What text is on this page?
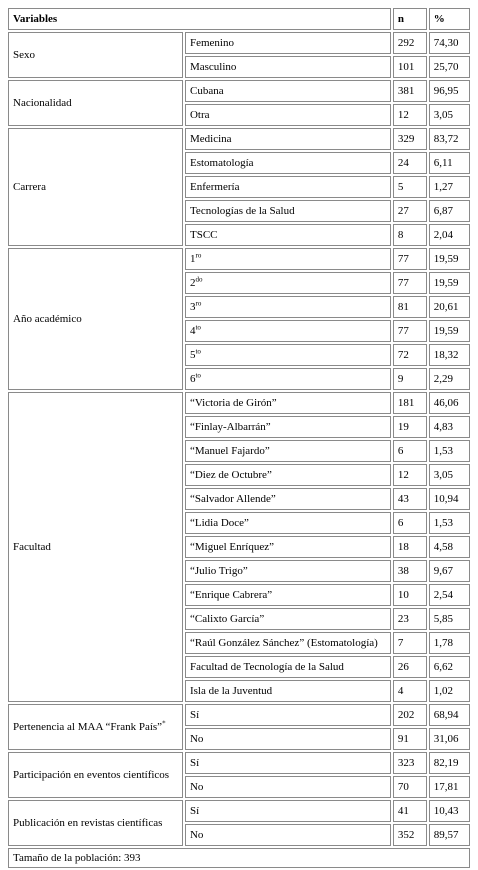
Variables		n	%
Sexo	Femenino	292	74,30
	Masculino	101	25,70
Nacionalidad	Cubana	381	96,95
	Otra	12	3,05
Carrera	Medicina	329	83,72
	Estomatología	24	6,11
	Enfermería	5	1,27
	Tecnologías de la Salud	27	6,87
	TSCC	8	2,04
Año académico	$1^{ro}$	77	19,59
	$2^{do}$	77	19,59
	$3^{ro}$	81	20,61
	$4^{to}$	77	19,59
	$5^{to}$	72	18,32
	$6^{to}$	9	2,29
Facultad	“Victoria de Girón”	181	46,06
	“Finlay-Albarrán”	19	4,83
	“Manuel Fajardo”	6	1,53
	“Diez de Octubre”	12	3,05
	“Salvador Allende”	43	10,94
	“Lidia Doce”	6	1,53
	“Miguel Enríquez”	18	4,58
	“Julio Trigo”	38	9,67
	“Enrique Cabrera”	10	2,54
	“Calixto García”	23	5,85
	“Raúl González Sánchez” (Estomatología)	7	1,78
	Facultad de Tecnología de la Salud	26	6,62
	Isla de la Juventud	4	1,02
Pertenencia al MAA “Frank País”*	Sí	202	68,94
	No	91	31,06
Participación en eventos científicos	Sí	323	82,19
	No	70	17,81
Publicación en revistas científicas	Sí	41	10,43
	No	352	89,57
Tamaño de la población: 393			
